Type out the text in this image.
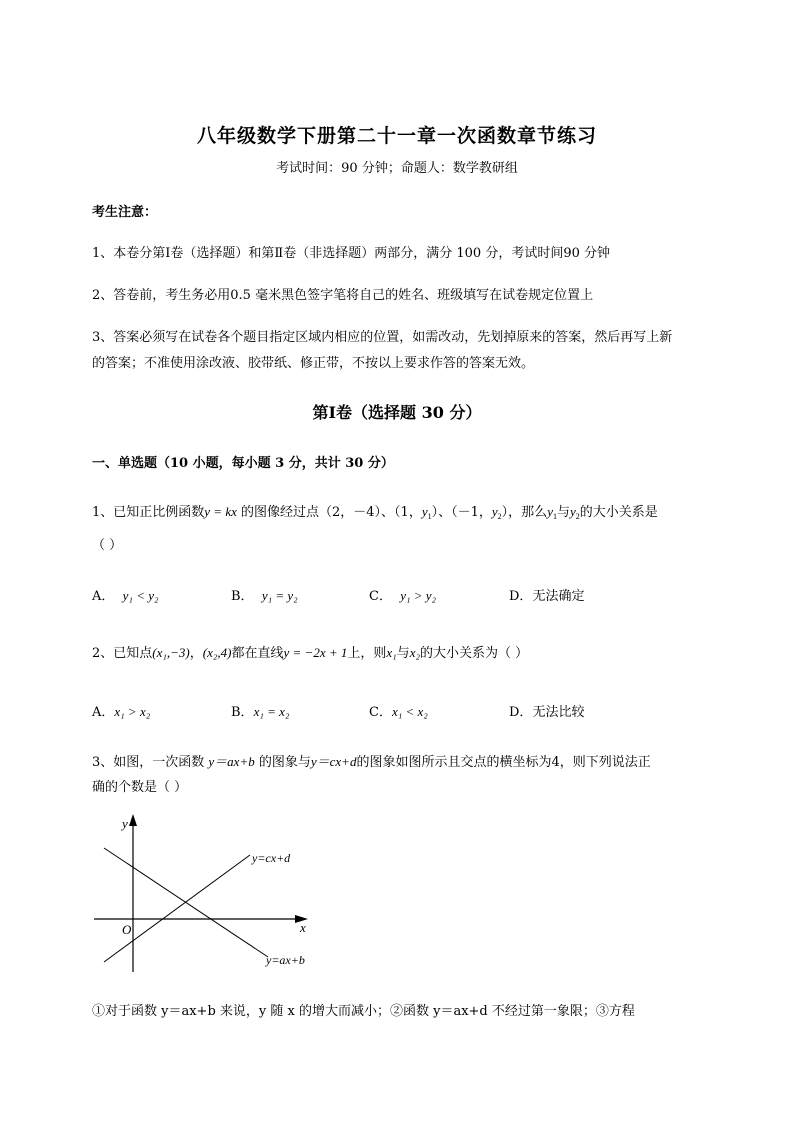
八年级数学下册第二十一章一次函数章节练习
考试时间：90 分钟；命题人：数学教研组
考生注意：
1、本卷分第Ⅰ卷（选择题）和第Ⅱ卷（非选择题）两部分，满分 100 分，考试时间90 分钟
2、答卷前，考生务必用0.5 毫米黑色签字笔将自己的姓名、班级填写在试卷规定位置上
3、答案必须写在试卷各个题目指定区域内相应的位置，如需改动，先划掉原来的答案，然后再写上新
的答案；不准使用涂改液、胶带纸、修正带，不按以上要求作答的答案无效。
第Ⅰ卷（选择题 30 分）
一、单选题（10 小题，每小题 3 分，共计 30 分）
1、已知正比例函数y = kx 的图像经过点（2，－4）、（1，$y_1$）、（－1，$y_2$），那么$y_1$与$y_2$的大小关系是
（ ）
A． y₁ < y₂	B． y₁ = y₂	C． y₁ > y₂	D．无法确定
2、已知点(x₁,−3)，(x₂,4)都在直线y = −2x + 1上，则x₁与x₂的大小关系为（ ）
A．x₁ > x₂	B．x₁ = x₂	C．x₁ < x₂	D．无法比较
3、如图，一次函数 y＝ax+b 的图象与y＝cx+d的图象如图所示且交点的横坐标为4，则下列说法正
确的个数是（ ）
y
x
O
y=cx+d
y=ax+b
①对于函数 y＝ax+b 来说，y 随 x 的增大而减小；②函数 y＝ax+d 不经过第一象限；③方程
